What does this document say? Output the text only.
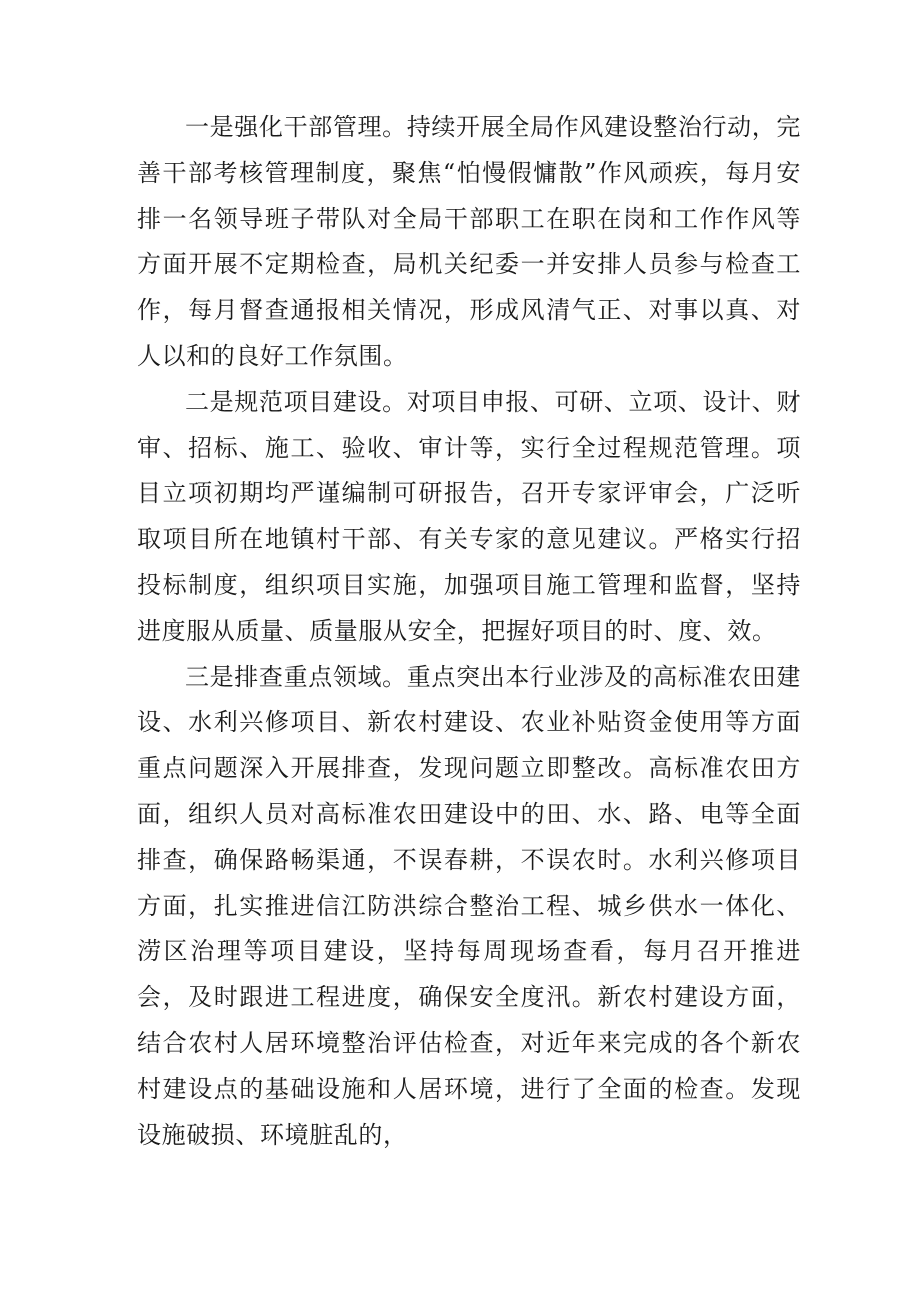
一是强化干部管理。持续开展全局作风建设整治行动，完善干部考核管理制度，聚焦“怕慢假慵散”作风顽疾，每月安排一名领导班子带队对全局干部职工在职在岗和工作作风等方面开展不定期检查，局机关纪委一并安排人员参与检查工作，每月督查通报相关情况，形成风清气正、对事以真、对人以和的良好工作氛围。

二是规范项目建设。对项目申报、可研、立项、设计、财审、招标、施工、验收、审计等，实行全过程规范管理。项目立项初期均严谨编制可研报告，召开专家评审会，广泛听取项目所在地镇村干部、有关专家的意见建议。严格实行招投标制度，组织项目实施，加强项目施工管理和监督，坚持进度服从质量、质量服从安全，把握好项目的时、度、效。

三是排查重点领域。重点突出本行业涉及的高标准农田建设、水利兴修项目、新农村建设、农业补贴资金使用等方面重点问题深入开展排查，发现问题立即整改。高标准农田方面，组织人员对高标准农田建设中的田、水、路、电等全面排查，确保路畅渠通，不误春耕，不误农时。水利兴修项目方面，扎实推进信江防洪综合整治工程、城乡供水一体化、涝区治理等项目建设，坚持每周现场查看，每月召开推进会，及时跟进工程进度，确保安全度汛。新农村建设方面，结合农村人居环境整治评估检查，对近年来完成的各个新农村建设点的基础设施和人居环境，进行了全面的检查。发现设施破损、环境脏乱的，
